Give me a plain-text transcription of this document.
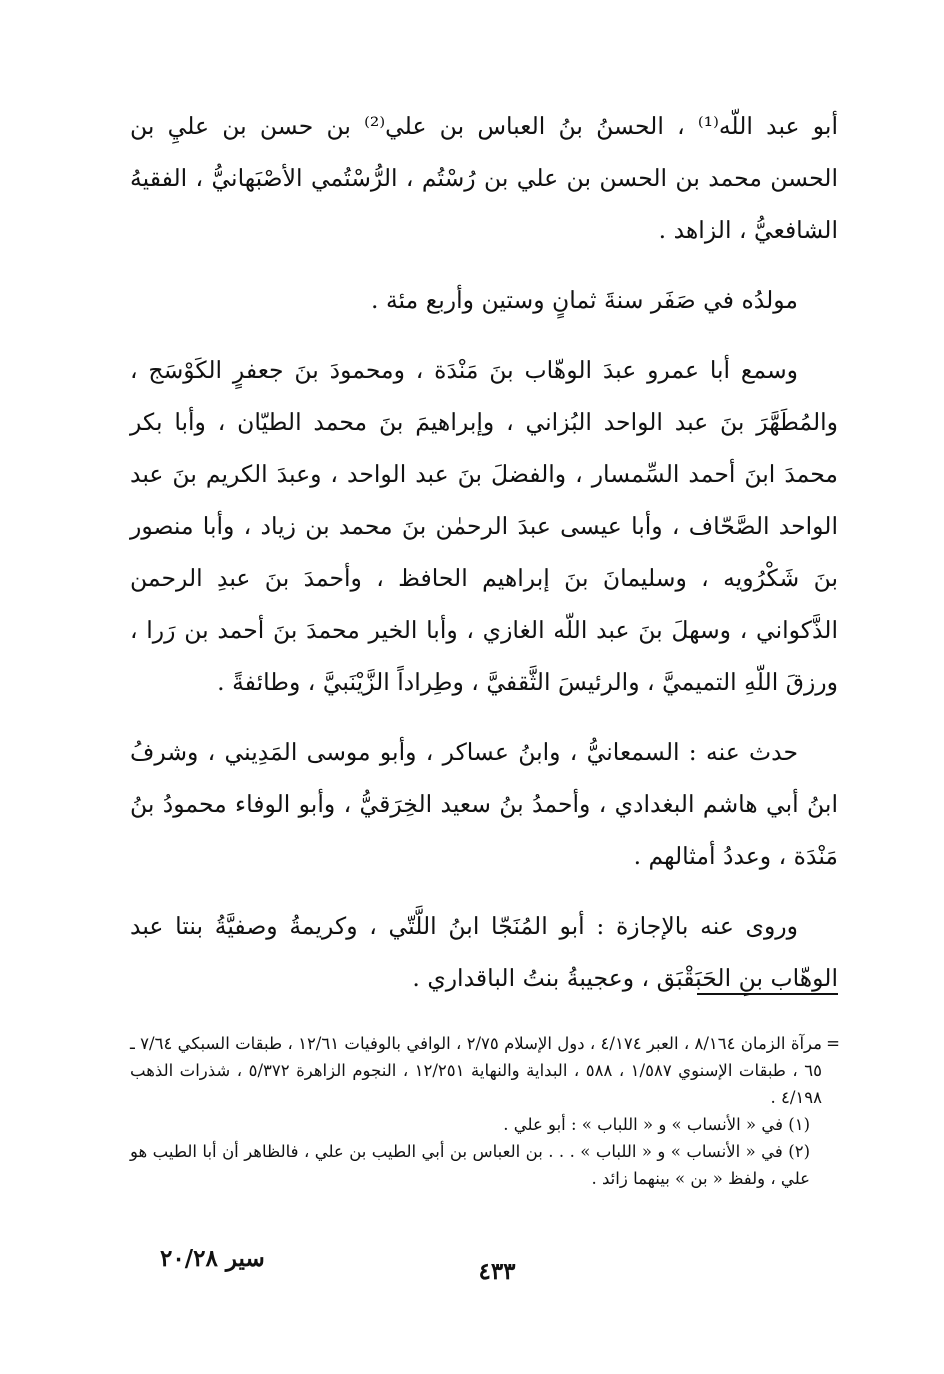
أبو عبد اللّه⁽¹⁾ ، الحسنُ بنُ العباس بن علي⁽²⁾ بن حسن بن عليِ بن الحسن محمد بن الحسن بن علي بن رُسْتُم ، الرُّسْتُمي الأصْبَهانيُّ ، الفقيهُ الشافعيُّ ، الزاهد .

مولدُه في صَفَر سنةَ ثمانٍ وستين وأربع مئة .

وسمع أبا عمرو عبدَ الوهّاب بنَ مَنْدَة ، ومحمودَ بنَ جعفرٍ الكَوْسَج ، والمُطَهَّرَ بنَ عبد الواحد البُزاني ، وإبراهيمَ بنَ محمد الطيّان ، وأبا بكر محمدَ ابنَ أحمد السِّمسار ، والفضلَ بنَ عبد الواحد ، وعبدَ الكريم بنَ عبد الواحد الصَّحّاف ، وأبا عيسى عبدَ الرحمٰن بنَ محمد بن زياد ، وأبا منصور بنَ شَكْرُويه ، وسليمانَ بنَ إبراهيم الحافظ ، وأحمدَ بنَ عبدِ الرحمن الذَّكواني ، وسهلَ بنَ عبد اللّه الغازي ، وأبا الخير محمدَ بنَ أحمد بن رَرا ، ورزقَ اللّهِ التميميَّ ، والرئيسَ الثَّقفيَّ ، وطِراداً الزَّيْنَبيَّ ، وطائفةً .

حدث عنه : السمعانيُّ ، وابنُ عساكر ، وأبو موسى المَدِيني ، وشرفُ ابنُ أبي هاشم البغدادي ، وأحمدُ بنُ سعيد الخِرَقيُّ ، وأبو الوفاء محمودُ بنُ مَنْدَة ، وعددُ أمثالهم .

وروى عنه بالإجازة : أبو المُنَجّا ابنُ اللَّتّي ، وكريمةُ وصفيَّةُ بنتا عبد الوهّاب بنِ الحَبَقْبَق ، وعجيبةُ بنتُ الباقداري .

=
مرآة الزمان ٨/١٦٤ ، العبر ٤/١٧٤ ، دول الإسلام ٢/٧٥ ، الوافي بالوفيات ١٢/٦١ ، طبقات السبكي ٧/٦٤ ـ ٦٥ ، طبقات الإسنوي ١/٥٨٧ ، ٥٨٨ ، البداية والنهاية ١٢/٢٥١ ، النجوم الزاهرة ٥/٣٧٢ ، شذرات الذهب ٤/١٩٨ .

(١) في « الأنساب » و « اللباب » : أبو علي .

(٢) في « الأنساب » و « اللباب » . . . بن العباس بن أبي الطيب بن علي ، فالظاهر أن أبا الطيب هو علي ، ولفظ « بن » بينهما زائد .

٤٣٣
سير ٢٠/٢٨
